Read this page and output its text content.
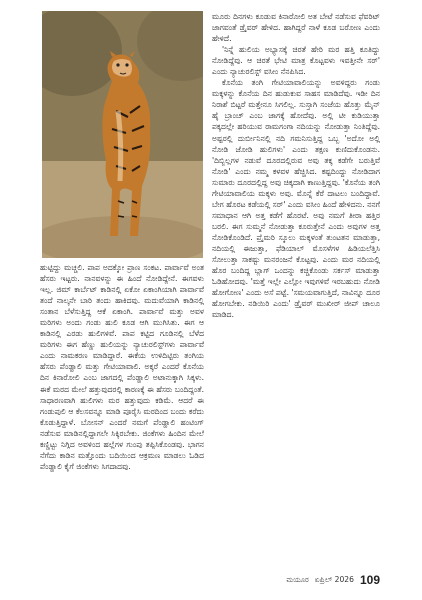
ಹುಟ್ಟಿದ್ದು ಮಚ್ಚಲಿ. ಪಾಪ ಅದಕ್ಕೋ ಪ್ರಾಣ ಸಂಕಟ. ಪಾರ್ವಾವೆ ಅಂತ ಹೆಸರು ಇಟ್ಟರು. ನಾನವಳನ್ನು ಈ ಹಿಂದೆ ನೋಡಿದ್ದೇನೆ. ಈಗವಳು ಇಲ್ಲ. ಜಿಮ್ ಕಾರ್ಬೆಟ್ ಕಾಡಿನಲ್ಲಿ ಏಕೋ ಏಕಾಂಗಿಯಾಗಿ ಪಾರ್ವಾವೆ ತಂದೆ ನಾಲ್ಕನೇ ಬಾರಿ ತಂದು ಹಾಕಿದವು. ಮದುವೆಯಾಗಿ ಕಾಡಿನಲ್ಲಿ ಸಂತಾನ ಬೆಳೆಸುತ್ತಿದ್ದ ಆಕೆ ಏಕಾಂಗಿ. ಪಾರ್ವಾವೆ ಮತ್ತು ಅವಳ ಮರಿಗಳು ಅಂದು ಗಂಡು ಹುಲಿ ಕೂಡ ಆಗಿ ಮುಗಿಸಿತು. ಈಗ ಆ ಕಾಡಿನಲ್ಲಿ ಎರಡು ಹುಲಿಗಳಿವೆ. ಪಾಪ ಕಟ್ಟಿದ ಗೂಡಿನಲ್ಲಿ ಬೆಳೆದ ಮರಿಗಳು ಈಗ ಹೆಣ್ಣು ಹುಲಿಯನ್ನು ನ್ಯಾಚುರಲಿಸ್ಟ್‌ಗಳು ಪಾರ್ವಾವೆ ಎಂದು ನಾಮಕರಣ ಮಾಡಿದ್ದಾರೆ. ಈಕೆಯ ಉಳಿದಿಟ್ಟಿರು ತಂಗಿಯ ಹೆಸರು ಪೆಂಡ್ಹಾಲಿ ಮತ್ತು ಗೇಟಿಯಾವಾಲಿ. ಅಕ್ಕರೆ ಎಂದರೆ ಕೊನೆಯ ದಿನ ಕಿನಾರೋಲಿ ಎಂಬ ಜಾಗದಲ್ಲಿ ಪೆಂಡ್ಹಾಲಿ ಅಟಾನುಕ್ಕಾಗಿ ಸಿಕ್ಕಳು. ಈಕೆ ಮರದ ಮೇಲೆ ಹತ್ತುವುದರಲ್ಲಿ ಕಾರಣಕ್ಕೆ ಈ ಹೆಸರು ಬಂದಿದ್ದಂತೆ. ಸಾಧಾರಣವಾಗಿ ಹುಲಿಗಳು ಮರ ಹತ್ತುವುದು ಕಡಿಮೆ. ಆದರೆ ಈ ಗಂಡುಪುಲಿ ಆ ಕೆಲಸವನ್ನೂ ಮಾಡಿ ಪೂರೈಸಿ ಮರದಿಂದ ಬಂದು ಕರೆದು ಕೊಡುತ್ತಿದ್ದಾಳೆ. ಬೋಸನ್ ಎಂದರೆ ನಮಗೆ ಪೆಂಡ್ಹಾಲಿ ಹಂಟಿಂಗ್ ನಡೆಸುವ ಮಾಡಿನಲ್ಲಿದ್ದಾಗಲೇ ಸಿಕ್ಕಿರಬೇಕು. ಜಿಂಕೆಗಳು ಹಿಂದಿನ ಮೇಲೆ ಕಣ್ಣಿಟ್ಟು ನಿಗ್ಗಿದ ಅವಳಿಂದ ಹಲ್ಲೆಗಳ ಗುಂಪು ತಪ್ಪಿಸಿಕೊಂಡವು. ಭಾಗನ ನೆಗೆದು ಕಾಡಿನ ಮತ್ತೊಂದು ಬದಿಯಿಂದ ಆಕ್ರಮಣ ಮಾಡಲು ಓಡಿದ ಪೆಂಡ್ಹಾಲಿ ಕೈಗೆ ಜಿಂಕೆಗಳು ಸಿಗದಾದವು.

ಮೂರು ದಿನಗಳು ಕೂಡುವ ಕಿನಾರೋಲಿ ಅತ ಬೇಟೆ ನಡೆಸುವ ಫೆವರಿಟ್ ಜಾಗವಂತೆ ಡ್ರೈವರ್ ಹೇಳಿದ. ಹಾಗಿದ್ದರೆ ನಾಳೆ ಕೂಡ ಬರೋಣ ಎಂದು ಹೇಳಿದೆ.

'ನಿನ್ನೆ ಹುಲಿಯ ಅಭ್ಯಾಸಕ್ಕೆ ಚಿರತೆ ಹೇರಿ ಮರ ಹತ್ತಿ ಕೂತಿದ್ದು ನೋಡಿದ್ದೆವು. ಆ ಚಿರತೆ ಭೇಟಿ ಮಾತ್ರ ಕೊಟ್ಟವಳು ಇವತ್ತೀನೇ ಸರ್' ಎಂದು ನ್ಯಾಚುರಲಿಸ್ಟ್ ವಸೀಂ ನೆನಪಿಸಿದ.

ಕೊನೆಯ ತಂಗಿ ಗೇಟಿಯಾವಾಲಿಯನ್ನು ಅವಳಿದ್ದರು ಗಂಡು ಮಕ್ಕಳನ್ನು ಕೊನೆಯ ದಿನ ಹುಡುಕುವ ಸಾಹಸ ಮಾಡಿದೆವು. ಇಡೀ ದಿನ ನಿರಾಶೆ ಬಿಟ್ಟರೆ ಮತ್ತೇನೂ ಸಿಗಲಿಲ್ಲ. ಸುಸ್ತಾಗಿ ಸಂಜೆಯ ಹೊತ್ತು ಮೈನ್ ಹೈ ಬ್ರಾಂಚ್ ಎಂಬ ಜಾಗಕ್ಕೆ ಹೋದೆವು. ಅಲ್ಲಿ ಟೀ ಕುಡಿಯುತ್ತಾ ಪಕ್ಕದಲ್ಲೇ ಹರಿಯುವ ರಾಮಗಂಗಾ ನದಿಯನ್ನು ನೋಡುತ್ತಾ ನಿಂತಿದ್ದೆವು. ಅಷ್ಟರಲ್ಲಿ ದುರ್ಬೀನಿನಲ್ಲಿ ನದಿ ಗಮನಿಸುತ್ತಿದ್ದ ಒಬ್ಬ 'ಅದೋ ಅಲ್ಲಿ ನೋಡಿ ಜೋಡಿ ಹುಲಿಗಳು' ಎಂದು ತಕ್ಷಣ ಕುಣಿದುಕೊಂಡನು. 'ದಿಬ್ಬಿಲ್ಲಗಳ ನಡುವೆ ದೂರದಲ್ಲಿರುವ ಅವು ತಕ್ಕ ಕಡೆಗೇ ಬರುತ್ತಿವೆ ನೋಡಿ' ಎಂದು ನಮ್ಮ ಕಳವಳ ಹೆಚ್ಚಿಸಿದ. ಕಷ್ಟದಿಂದ್ದು ನೋಡಿದಾಗ ಸುಮಾರು ದೂರದಲ್ಲಿದ್ದ ಅವು ಚಿಕ್ಕದಾಗಿ ಕಾಣುತ್ತಿದ್ದವು. 'ಕೊನೆಯ ತಂಗಿ ಗೇಟಿಯಾವಾಲಿಯ ಮಕ್ಕಳು ಅವು. ಮೊನ್ನೆ ಕೆರೆ ದಾಟಲು ಬಂದಿದ್ದಾವೆ. ಬೇಗ ಹೊರಟ ಕಡೆಯಲ್ಲಿ ಸರ್' ಎಂದು ವಸೀಂ ಹಿಂದೆ ಹೇಳಿದನು. ನನಗೆ ಸಮಾಧಾನ ಆಗಿ ಅತ್ತ ಕಡೆಗೆ ಹೊರಟೆ. ಅವು ನಮಗೆ ತೀರಾ ಹತ್ತಿರ ಬರಲಿ. ಈಗ ಸುಮ್ಮನೆ ನೋಡುತ್ತಾ ಕೂರುತ್ತೇನೆ ಎಂದು ಅವುಗಳ ಅತ್ತ ನೋಡಿಕೊಂಡಿದೆ. ಪ್ರೈಮರಿ ಸ್ಕೂಲು ಮಕ್ಕಳಂತೆ ತುಂಟತನ ಮಾಡುತ್ತಾ, ನದಿಯಲ್ಲಿ ಈಜುತ್ತಾ, ಫೆಡಿಯಾಲ್ ಮೊಸಳೆಗಳ ಹಿಡಿಯಲೆತ್ತಿಸಿ ಸೋಲುತ್ತಾ ಸಾಕಷ್ಟು ಮನರಂಜನೆ ಕೊಟ್ಟವು. ಎಂದು ಮರ ನದಿಯಲ್ಲಿ ಹೊರ ಬಂದಿದ್ದ ಬ್ಲಾಗ್ ಒಂದನ್ನು ಕಚ್ಚಿಕೊಂಡು ಸರ್ಕಸ್ ಮಾಡುತ್ತಾ ಓಡಿಹೋದವು. 'ಮತ್ತೆ ಇಲ್ಲೇ ಎಲ್ಲೋ ಇವುಗಳಿವೆ ಇರಬಹುದು ನೋಡಿ ಹೋಗೋಣ' ಎಂದು ಅಸೆ ಪಟ್ಟೆ. 'ಸಮಯವಾಗುತ್ತಿದೆ, ನಾವಿನ್ನೂ ದೂರ ಹೋಗಬೇಕು. ನಡಿಯಿರಿ ಎಂದು' ಡ್ರೈವರ್ ಮುಖೀರ್ ಜೀಪ್ ಚಾಲೂ ಮಾಡಿದ.

ಮಯೂರ ಏಪ್ರಿಲ್ 2026 109
